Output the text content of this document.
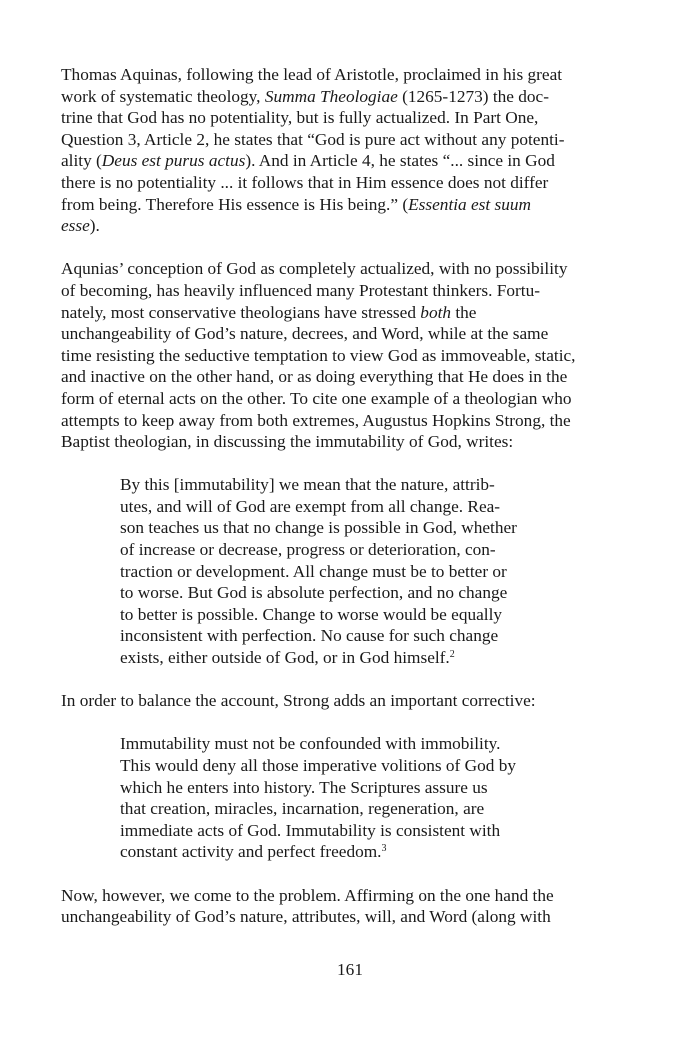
Thomas Aquinas, following the lead of Aristotle, proclaimed in his great
work of systematic theology, Summa Theologiae (1265-1273) the doc-
trine that God has no potentiality, but is fully actualized. In Part One,
Question 3, Article 2, he states that “God is pure act without any potenti-
ality (Deus est purus actus). And in Article 4, he states “... since in God
there is no potentiality ... it follows that in Him essence does not differ
from being. Therefore His essence is His being.” (Essentia est suum
esse).
Aqunias’ conception of God as completely actualized, with no possibility
of becoming, has heavily influenced many Protestant thinkers. Fortu-
nately, most conservative theologians have stressed both the
unchangeability of God’s nature, decrees, and Word, while at the same
time resisting the seductive temptation to view God as immoveable, static,
and inactive on the other hand, or as doing everything that He does in the
form of eternal acts on the other. To cite one example of a theologian who
attempts to keep away from both extremes, Augustus Hopkins Strong, the
Baptist theologian, in discussing the immutability of God, writes:
By this [immutability] we mean that the nature, attrib-
utes, and will of God are exempt from all change. Rea-
son teaches us that no change is possible in God, whether
of increase or decrease, progress or deterioration, con-
traction or development. All change must be to better or
to worse. But God is absolute perfection, and no change
to better is possible. Change to worse would be equally
inconsistent with perfection. No cause for such change
exists, either outside of God, or in God himself.$^2$
In order to balance the account, Strong adds an important corrective:
Immutability must not be confounded with immobility.
This would deny all those imperative volitions of God by
which he enters into history. The Scriptures assure us
that creation, miracles, incarnation, regeneration, are
immediate acts of God. Immutability is consistent with
constant activity and perfect freedom.$^3$
Now, however, we come to the problem. Affirming on the one hand the
unchangeability of God’s nature, attributes, will, and Word (along with
161
